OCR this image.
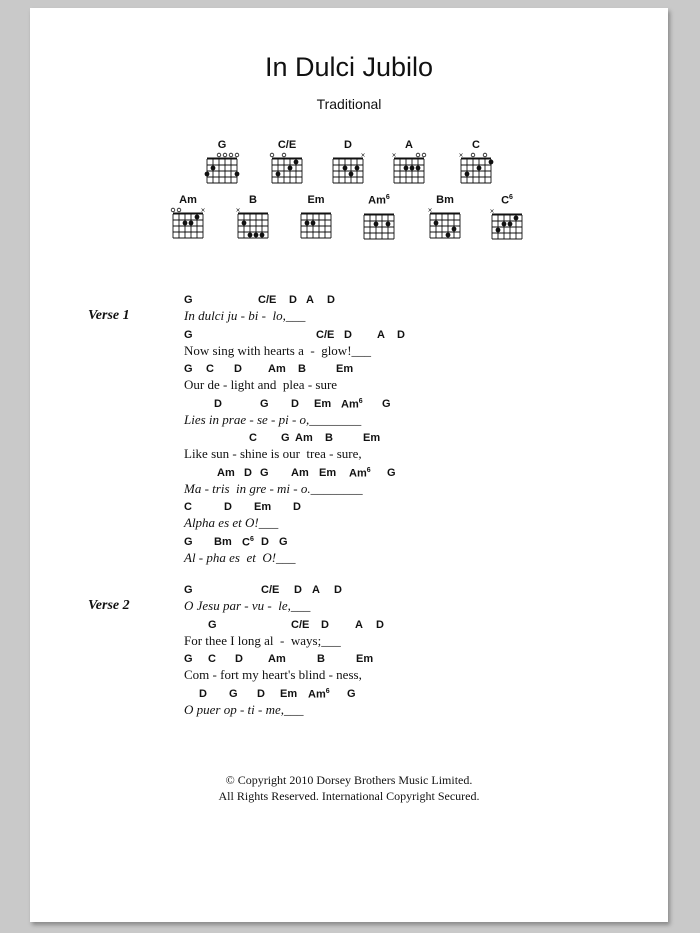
In Dulci Jubilo
Traditional
G	C/E	D
×
A
×
C
×
Am
×
B
×
Em	Am$^6$	Bm
×
$C^6$
×
Verse 1
G	C/E D A D
In dulci ju - bi -  lo,___
G	C/E D A D
Now sing with hearts a  -  glow!___
G C D Am B	Em
Our de - light and  plea - sure
D	G D Em Am$^6$ G
Lies in prae - se - pi - o,________
C G Am B	Em
Like sun - shine is our  trea - sure,
Am D G Am Em Am$^6$ G
Ma - tris  in gre - mi - o.________
C	D Em D
Alpha es et O!___
G Bm $C^6$ D G
Al - pha es  et  O!___
Verse 2
G	C/E D A D
O Jesu par - vu -  le,___
G	C/E D A D
For thee I long al  -  ways;___
G C D Am	B	Em
Com - fort my heart's blind - ness,
D G D Em Am$^6$ G
O puer op - ti - me,___
© Copyright 2010 Dorsey Brothers Music Limited.
All Rights Reserved. International Copyright Secured.
